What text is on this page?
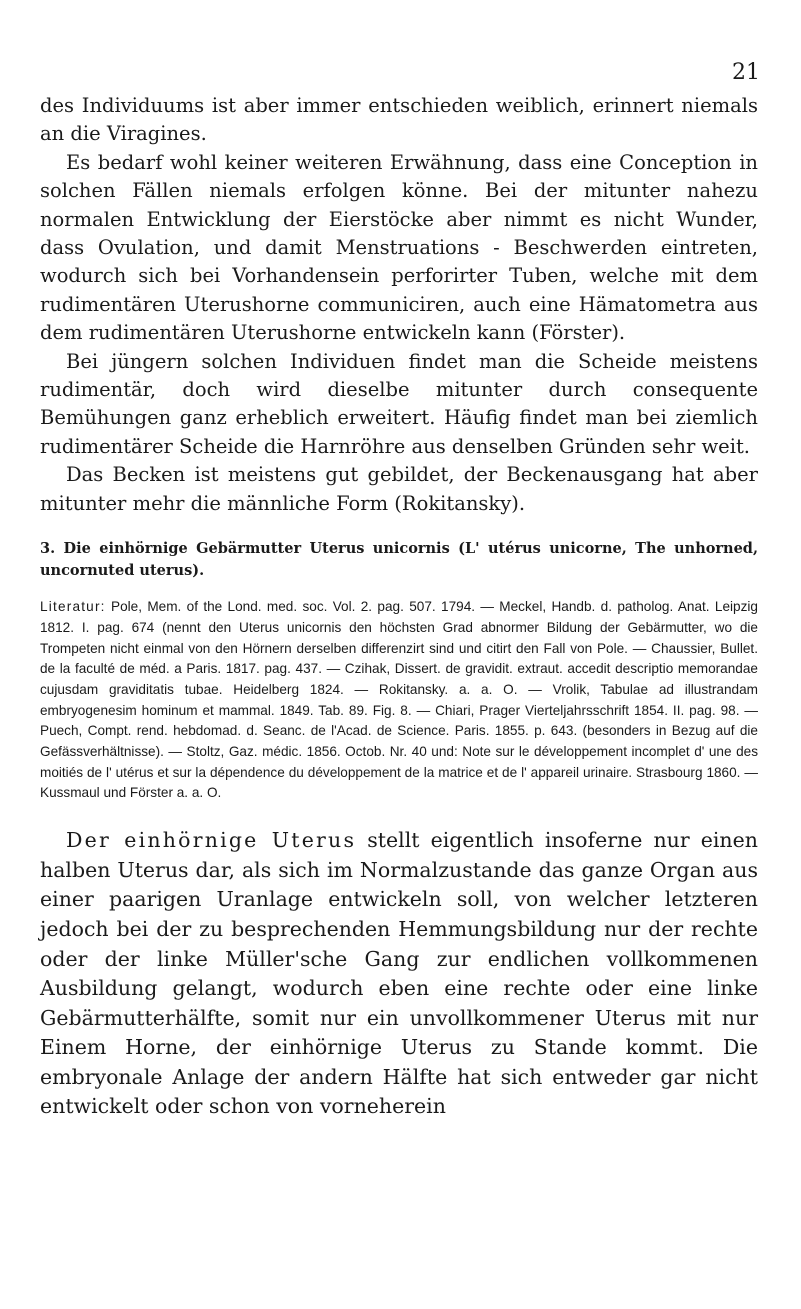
21

des Individuums ist aber immer entschieden weiblich, erinnert niemals an die Viragines.

Es bedarf wohl keiner weiteren Erwähnung, dass eine Conception in solchen Fällen niemals erfolgen könne. Bei der mitunter nahezu normalen Entwicklung der Eierstöcke aber nimmt es nicht Wunder, dass Ovulation, und damit Menstruations - Beschwerden eintreten, wodurch sich bei Vorhandensein perforirter Tuben, welche mit dem rudimentären Uterushorne communiciren, auch eine Hämatometra aus dem rudimentären Uterushorne entwickeln kann (Förster).

Bei jüngern solchen Individuen findet man die Scheide meistens rudimentär, doch wird dieselbe mitunter durch consequente Bemühungen ganz erheblich erweitert. Häufig findet man bei ziemlich rudimentärer Scheide die Harnröhre aus denselben Gründen sehr weit.

Das Becken ist meistens gut gebildet, der Beckenausgang hat aber mitunter mehr die männliche Form (Rokitansky).

3. Die einhörnige Gebärmutter Uterus unicornis (L' utérus unicorne, The unhorned, uncornuted uterus).

Literatur: Pole, Mem. of the Lond. med. soc. Vol. 2. pag. 507. 1794. — Meckel, Handb. d. patholog. Anat. Leipzig 1812. I. pag. 674 (nennt den Uterus unicornis den höchsten Grad abnormer Bildung der Gebärmutter, wo die Trompeten nicht einmal von den Hörnern derselben differenzirt sind und citirt den Fall von Pole. — Chaussier, Bullet. de la faculté de méd. a Paris. 1817. pag. 437. — Czihak, Dissert. de gravidit. extraut. accedit descriptio memorandae cujusdam graviditatis tubae. Heidelberg 1824. — Rokitansky. a. a. O. — Vrolik, Tabulae ad illustrandam embryogenesim hominum et mammal. 1849. Tab. 89. Fig. 8. — Chiari, Prager Vierteljahrsschrift 1854. II. pag. 98. — Puech, Compt. rend. hebdomad. d. Seanc. de l'Acad. de Science. Paris. 1855. p. 643. (besonders in Bezug auf die Gefässverhältnisse). — Stoltz, Gaz. médic. 1856. Octob. Nr. 40 und: Note sur le développement incomplet d' une des moitiés de l' utérus et sur la dépendence du développement de la matrice et de l' appareil urinaire. Strasbourg 1860. — Kussmaul und Förster a. a. O.

Der einhörnige Uterus stellt eigentlich insoferne nur einen halben Uterus dar, als sich im Normalzustande das ganze Organ aus einer paarigen Uranlage entwickeln soll, von welcher letzteren jedoch bei der zu besprechenden Hemmungsbildung nur der rechte oder der linke Müller'sche Gang zur endlichen vollkommenen Ausbildung gelangt, wodurch eben eine rechte oder eine linke Gebärmutterhälfte, somit nur ein unvollkommener Uterus mit nur Einem Horne, der einhörnige Uterus zu Stande kommt. Die embryonale Anlage der andern Hälfte hat sich entweder gar nicht entwickelt oder schon von vorneherein
